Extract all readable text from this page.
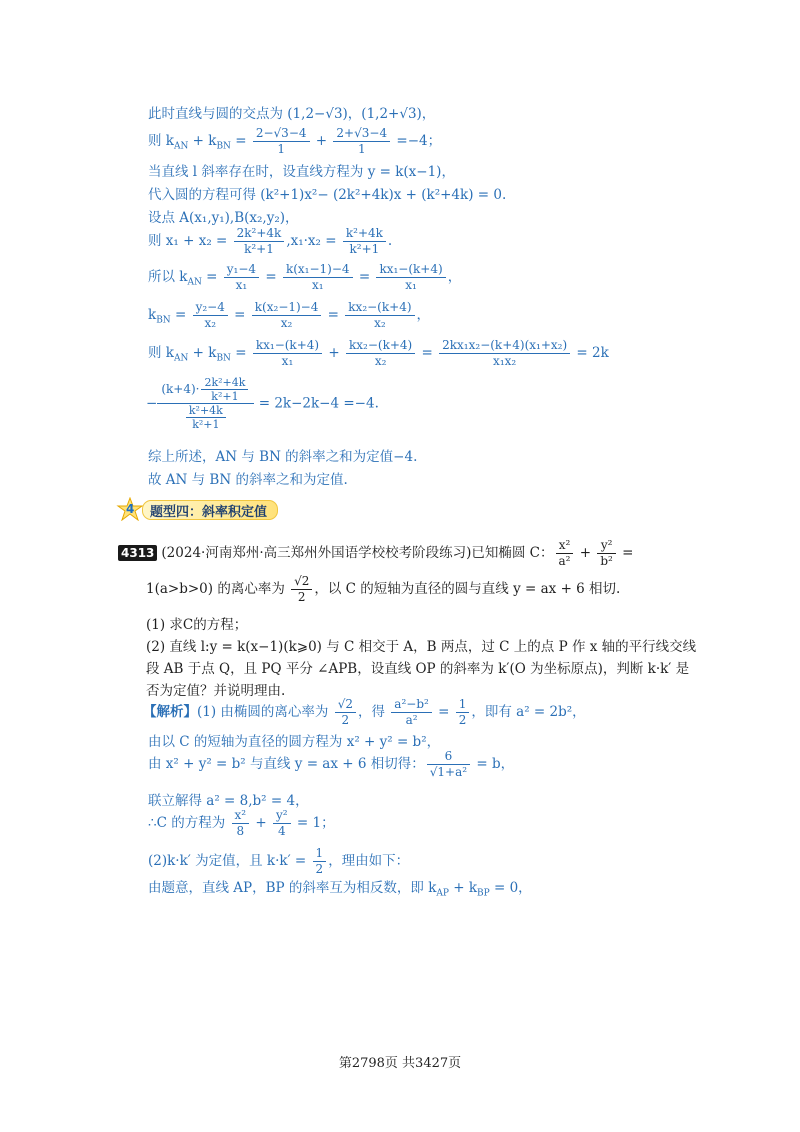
此时直线与圆的交点为 (1,2−√3)，(1,2+√3)，
则 $k_{AN} + k_{BN} = \frac{2-√3-4}{1} + \frac{2+√3-4}{1} =-4$；
当直线 l 斜率存在时，设直线方程为 y = k(x−1)，
代入圆的方程可得 (k²+1)x²− (2k²+4k)x + (k²+4k) = 0.
设点 A(x₁,y₁),B(x₂,y₂)，
则 $x_1 + x_2 = \frac{\text{2k²+4k}}{\text{k²+1}} ,x_1\cdot x_2 = \frac{\text{k²+4k}}{\text{k²+1}}$ .
所以 $k_{AN} = \frac{\text{y₁−4}}{\text{x₁}} = \frac{\text{k(x₁−1)−4}}{\text{x₁}} = \frac{\text{kx₁−(k+4)}}{\text{x₁}}$ ，
$k_{BN} = \frac{\text{y₂−4}}{\text{x₂}} = \frac{\text{k(x₂−1)−4}}{\text{x₂}} = \frac{\text{kx₂−(k+4)}}{\text{x₂}}$ ，
则 $k_{AN} + k_{BN} = \frac{\text{kx₁−(k+4)}}{\text{x₁}} + \frac{\text{kx₂−(k+4)}}{\text{x₂}} = \frac{\text{2kx₁x₂−(k+4)(x₁+x₂)}}{\text{x₁x₂}} = 2k$
− $\frac{(k+4)\cdot \frac{\text{2k²+4k}}{\text{k²+1}}}{\frac{\text{k²+4k}}{\text{k²+1}}} = 2k-2k-4 =-4$.
综上所述，AN 与 BN 的斜率之和为定值−4.
故 AN 与 BN 的斜率之和为定值.
4 题型四：斜率积定值
4313 (2024·河南郑州·高三郑州外国语学校校考阶段练习)已知椭圆 C： $\frac{\text{x²}}{\text{a²}} + \frac{\text{y²}}{\text{b²}}$ =
1(a>b>0) 的离心率为 $\frac{√2}{2}$ ，以 C 的短轴为直径的圆与直线 y = ax + 6 相切.
(1) 求C的方程；
(2) 直线 l:y = k(x−1)(k⩾0) 与 C 相交于 A，B 两点，过 C 上的点 P 作 x 轴的平行线交线
段 AB 于点 Q，且 PQ 平分 ∠APB，设直线 OP 的斜率为 k′(O 为坐标原点)，判断 k·k′ 是
否为定值？并说明理由.
【解析】(1) 由椭圆的离心率为 $\frac{√2}{2}$ ，得 $\frac{\text{a²−b²}}{\text{a²}} = \frac{1}{2}$ ，即有 a² = 2b²，
由以 C 的短轴为直径的圆方程为 x² + y² = b²，
由 x² + y² = b² 与直线 y = ax + 6 相切得： $\frac{6}{\text{√1+a²}} = b$，
联立解得 a² = 8,b² = 4，
∴C 的方程为 $\frac{\text{x²}}{8} + \frac{\text{y²}}{4} = 1$；
(2)k·k′ 为定值，且 $k\cdot k' = \frac{1}{2}$ ，理由如下：
由题意，直线 AP，BP 的斜率互为相反数，即 $k_{AP} + k_{BP} = 0$，
第2798页 共3427页
